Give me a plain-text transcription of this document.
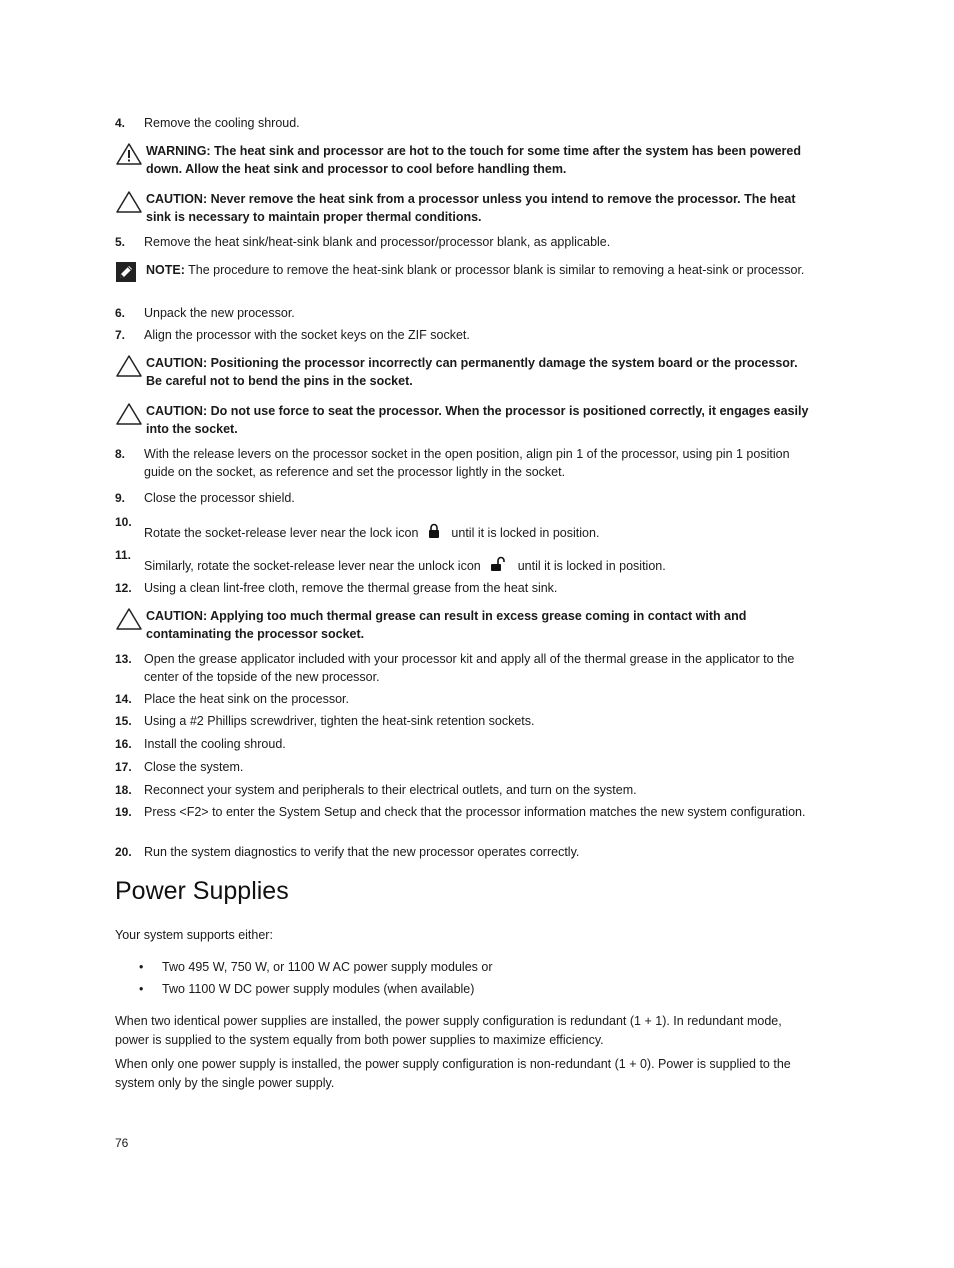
4.	Remove the cooling shroud.
WARNING: The heat sink and processor are hot to the touch for some time after the system has been powered down. Allow the heat sink and processor to cool before handling them.
CAUTION: Never remove the heat sink from a processor unless you intend to remove the processor. The heat sink is necessary to maintain proper thermal conditions.
5.	Remove the heat sink/heat-sink blank and processor/processor blank, as applicable.
NOTE: The procedure to remove the heat-sink blank or processor blank is similar to removing a heat-sink or processor.
6.	Unpack the new processor.
7.	Align the processor with the socket keys on the ZIF socket.
CAUTION: Positioning the processor incorrectly can permanently damage the system board or the processor. Be careful not to bend the pins in the socket.
CAUTION: Do not use force to seat the processor. When the processor is positioned correctly, it engages easily into the socket.
8.	With the release levers on the processor socket in the open position, align pin 1 of the processor, using pin 1 position guide on the socket, as reference and set the processor lightly in the socket.
9.	Close the processor shield.
10.
Rotate the socket-release lever near the lock icon	until it is locked in position.
11.
Similarly, rotate the socket-release lever near the unlock icon	until it is locked in position.
12. Using a clean lint-free cloth, remove the thermal grease from the heat sink.
CAUTION: Applying too much thermal grease can result in excess grease coming in contact with and contaminating the processor socket.
13. Open the grease applicator included with your processor kit and apply all of the thermal grease in the applicator to the center of the topside of the new processor.
14. Place the heat sink on the processor.
15. Using a #2 Phillips screwdriver, tighten the heat-sink retention sockets.
16. Install the cooling shroud.
17. Close the system.
18. Reconnect your system and peripherals to their electrical outlets, and turn on the system.
19. Press <F2> to enter the System Setup and check that the processor information matches the new system configuration.
20. Run the system diagnostics to verify that the new processor operates correctly.
Power Supplies
Your system supports either:
•	Two 495 W, 750 W, or 1100 W AC power supply modules or
•	Two 1100 W DC power supply modules (when available)
When two identical power supplies are installed, the power supply configuration is redundant (1 + 1). In redundant mode, power is supplied to the system equally from both power supplies to maximize efficiency.
When only one power supply is installed, the power supply configuration is non-redundant (1 + 0). Power is supplied to the system only by the single power supply.
76
